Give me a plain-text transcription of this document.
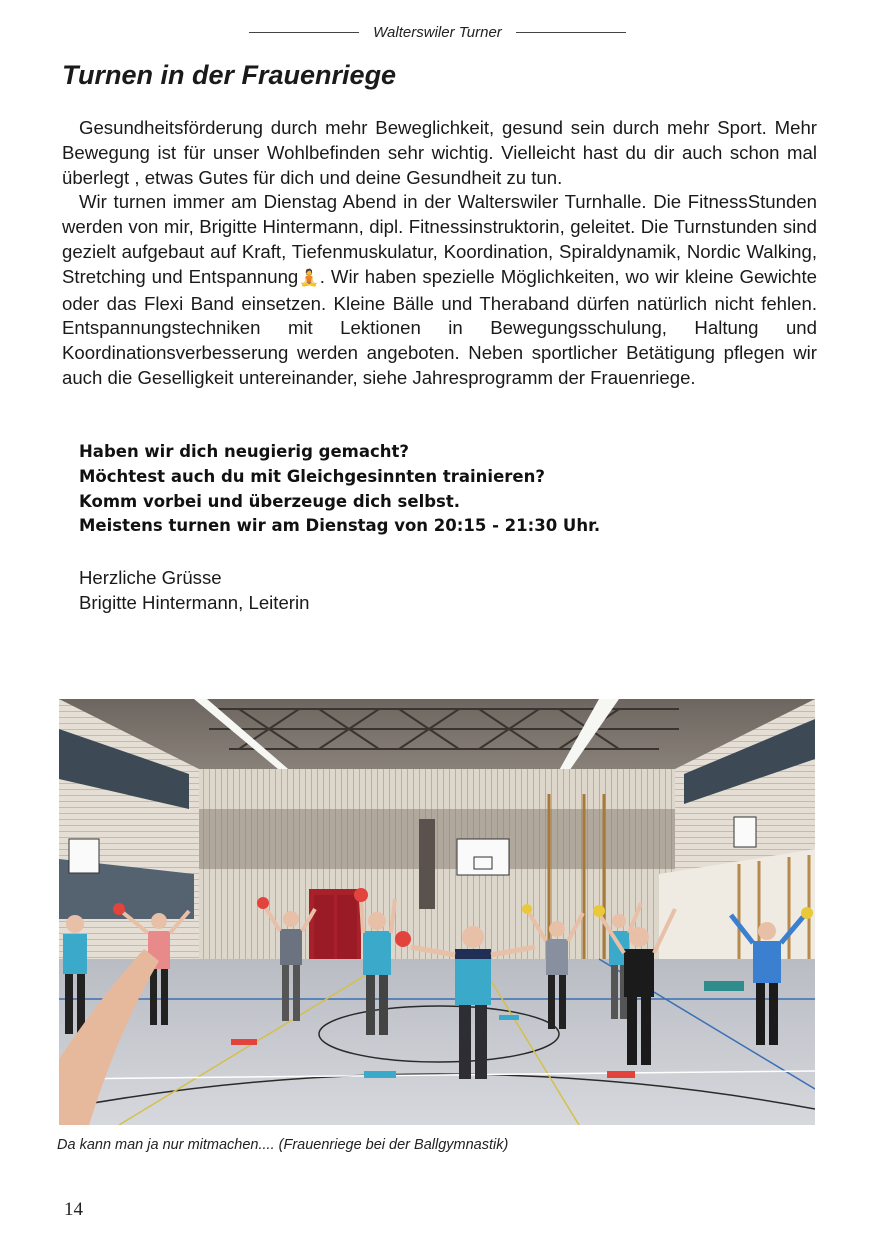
Walterswiler Turner
Turnen in der Frauenriege

Gesundheitsförderung durch mehr Beweglichkeit, gesund sein durch mehr Sport. Mehr Bewegung ist für unser Wohlbefinden sehr wichtig. Vielleicht hast du dir auch schon mal überlegt , etwas Gutes für dich und deine Gesundheit zu tun.

Wir turnen immer am Dienstag Abend in der Walterswiler Turnhalle. Die FitnessStunden werden von mir, Brigitte Hintermann, dipl. Fitnessinstruktorin, geleitet. Die Turnstunden sind gezielt aufgebaut auf Kraft, Tiefenmuskulatur, Koordination, Spiraldynamik, Nordic Walking, Stretching und Entspannung🧘. Wir haben spezielle Möglichkeiten, wo wir kleine Gewichte oder das Flexi Band einsetzen. Kleine Bälle und Theraband dürfen natürlich nicht fehlen. Entspannungstechniken mit Lektionen in Bewegungsschulung, Haltung und Koordinationsverbesserung werden angeboten. Neben sportlicher Betätigung pflegen wir auch die Geselligkeit untereinander, siehe Jahresprogramm der Frauenriege.

Haben wir dich neugierig gemacht?
Möchtest auch du mit Gleichgesinnten trainieren?
Komm vorbei und überzeuge dich selbst.
Meistens turnen wir am Dienstag von 20:15 - 21:30 Uhr.
Herzliche Grüsse
Brigitte Hintermann, Leiterin
Da kann man ja nur mitmachen.... (Frauenriege bei der Ballgymnastik)
14
